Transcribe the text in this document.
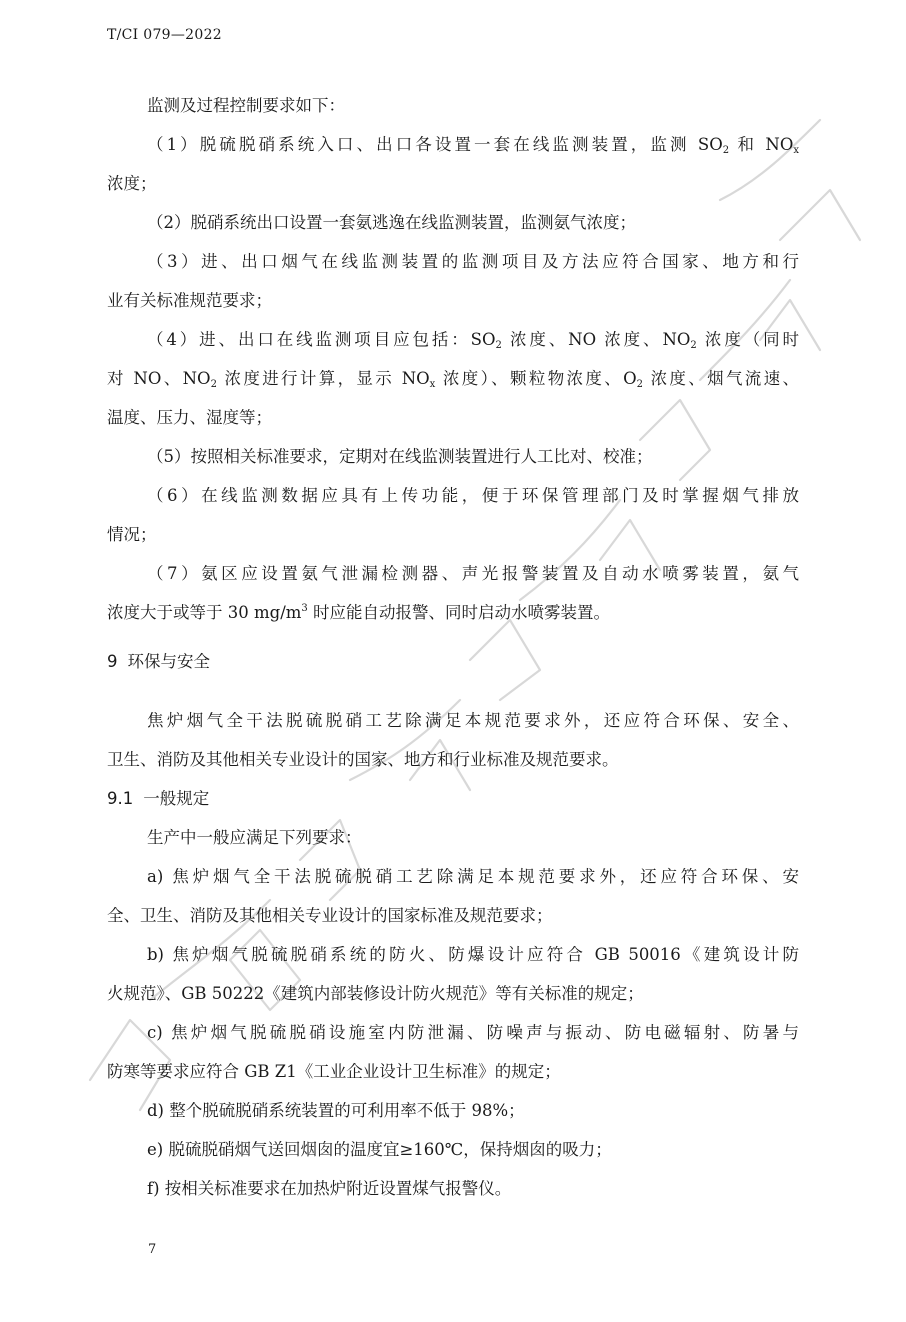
T/CI 079—2022
监测及过程控制要求如下：
（1）脱硫脱硝系统入口、出口各设置一套在线监测装置，监测 $SO_2$ 和 $NO_x$
浓度；
（2）脱硝系统出口设置一套氨逃逸在线监测装置，监测氨气浓度；
（3）进、出口烟气在线监测装置的监测项目及方法应符合国家、地方和行
业有关标准规范要求；
（4）进、出口在线监测项目应包括：$SO_2$ 浓度、NO 浓度、$NO_2$ 浓度（同时
对 NO、$NO_2$ 浓度进行计算，显示 $NO_x$ 浓度）、颗粒物浓度、$O_2$ 浓度、烟气流速、
温度、压力、湿度等；
（5）按照相关标准要求，定期对在线监测装置进行人工比对、校准；
（6）在线监测数据应具有上传功能，便于环保管理部门及时掌握烟气排放
情况；
（7）氨区应设置氨气泄漏检测器、声光报警装置及自动水喷雾装置，氨气
浓度大于或等于 30 $mg/m^3$ 时应能自动报警、同时启动水喷雾装置。
9 环保与安全
焦炉烟气全干法脱硫脱硝工艺除满足本规范要求外，还应符合环保、安全、
卫生、消防及其他相关专业设计的国家、地方和行业标准及规范要求。
9.1 一般规定
生产中一般应满足下列要求：
a) 焦炉烟气全干法脱硫脱硝工艺除满足本规范要求外，还应符合环保、安
全、卫生、消防及其他相关专业设计的国家标准及规范要求；
b) 焦炉烟气脱硫脱硝系统的防火、防爆设计应符合 GB 50016《建筑设计防
火规范》、GB 50222《建筑内部装修设计防火规范》等有关标准的规定；
c) 焦炉烟气脱硫脱硝设施室内防泄漏、防噪声与振动、防电磁辐射、防暑与
防寒等要求应符合 GB Z1《工业企业设计卫生标准》的规定；
d) 整个脱硫脱硝系统装置的可利用率不低于 98%；
e) 脱硫脱硝烟气送回烟囱的温度宜≥160℃，保持烟囱的吸力；
f) 按相关标准要求在加热炉附近设置煤气报警仪。
7
